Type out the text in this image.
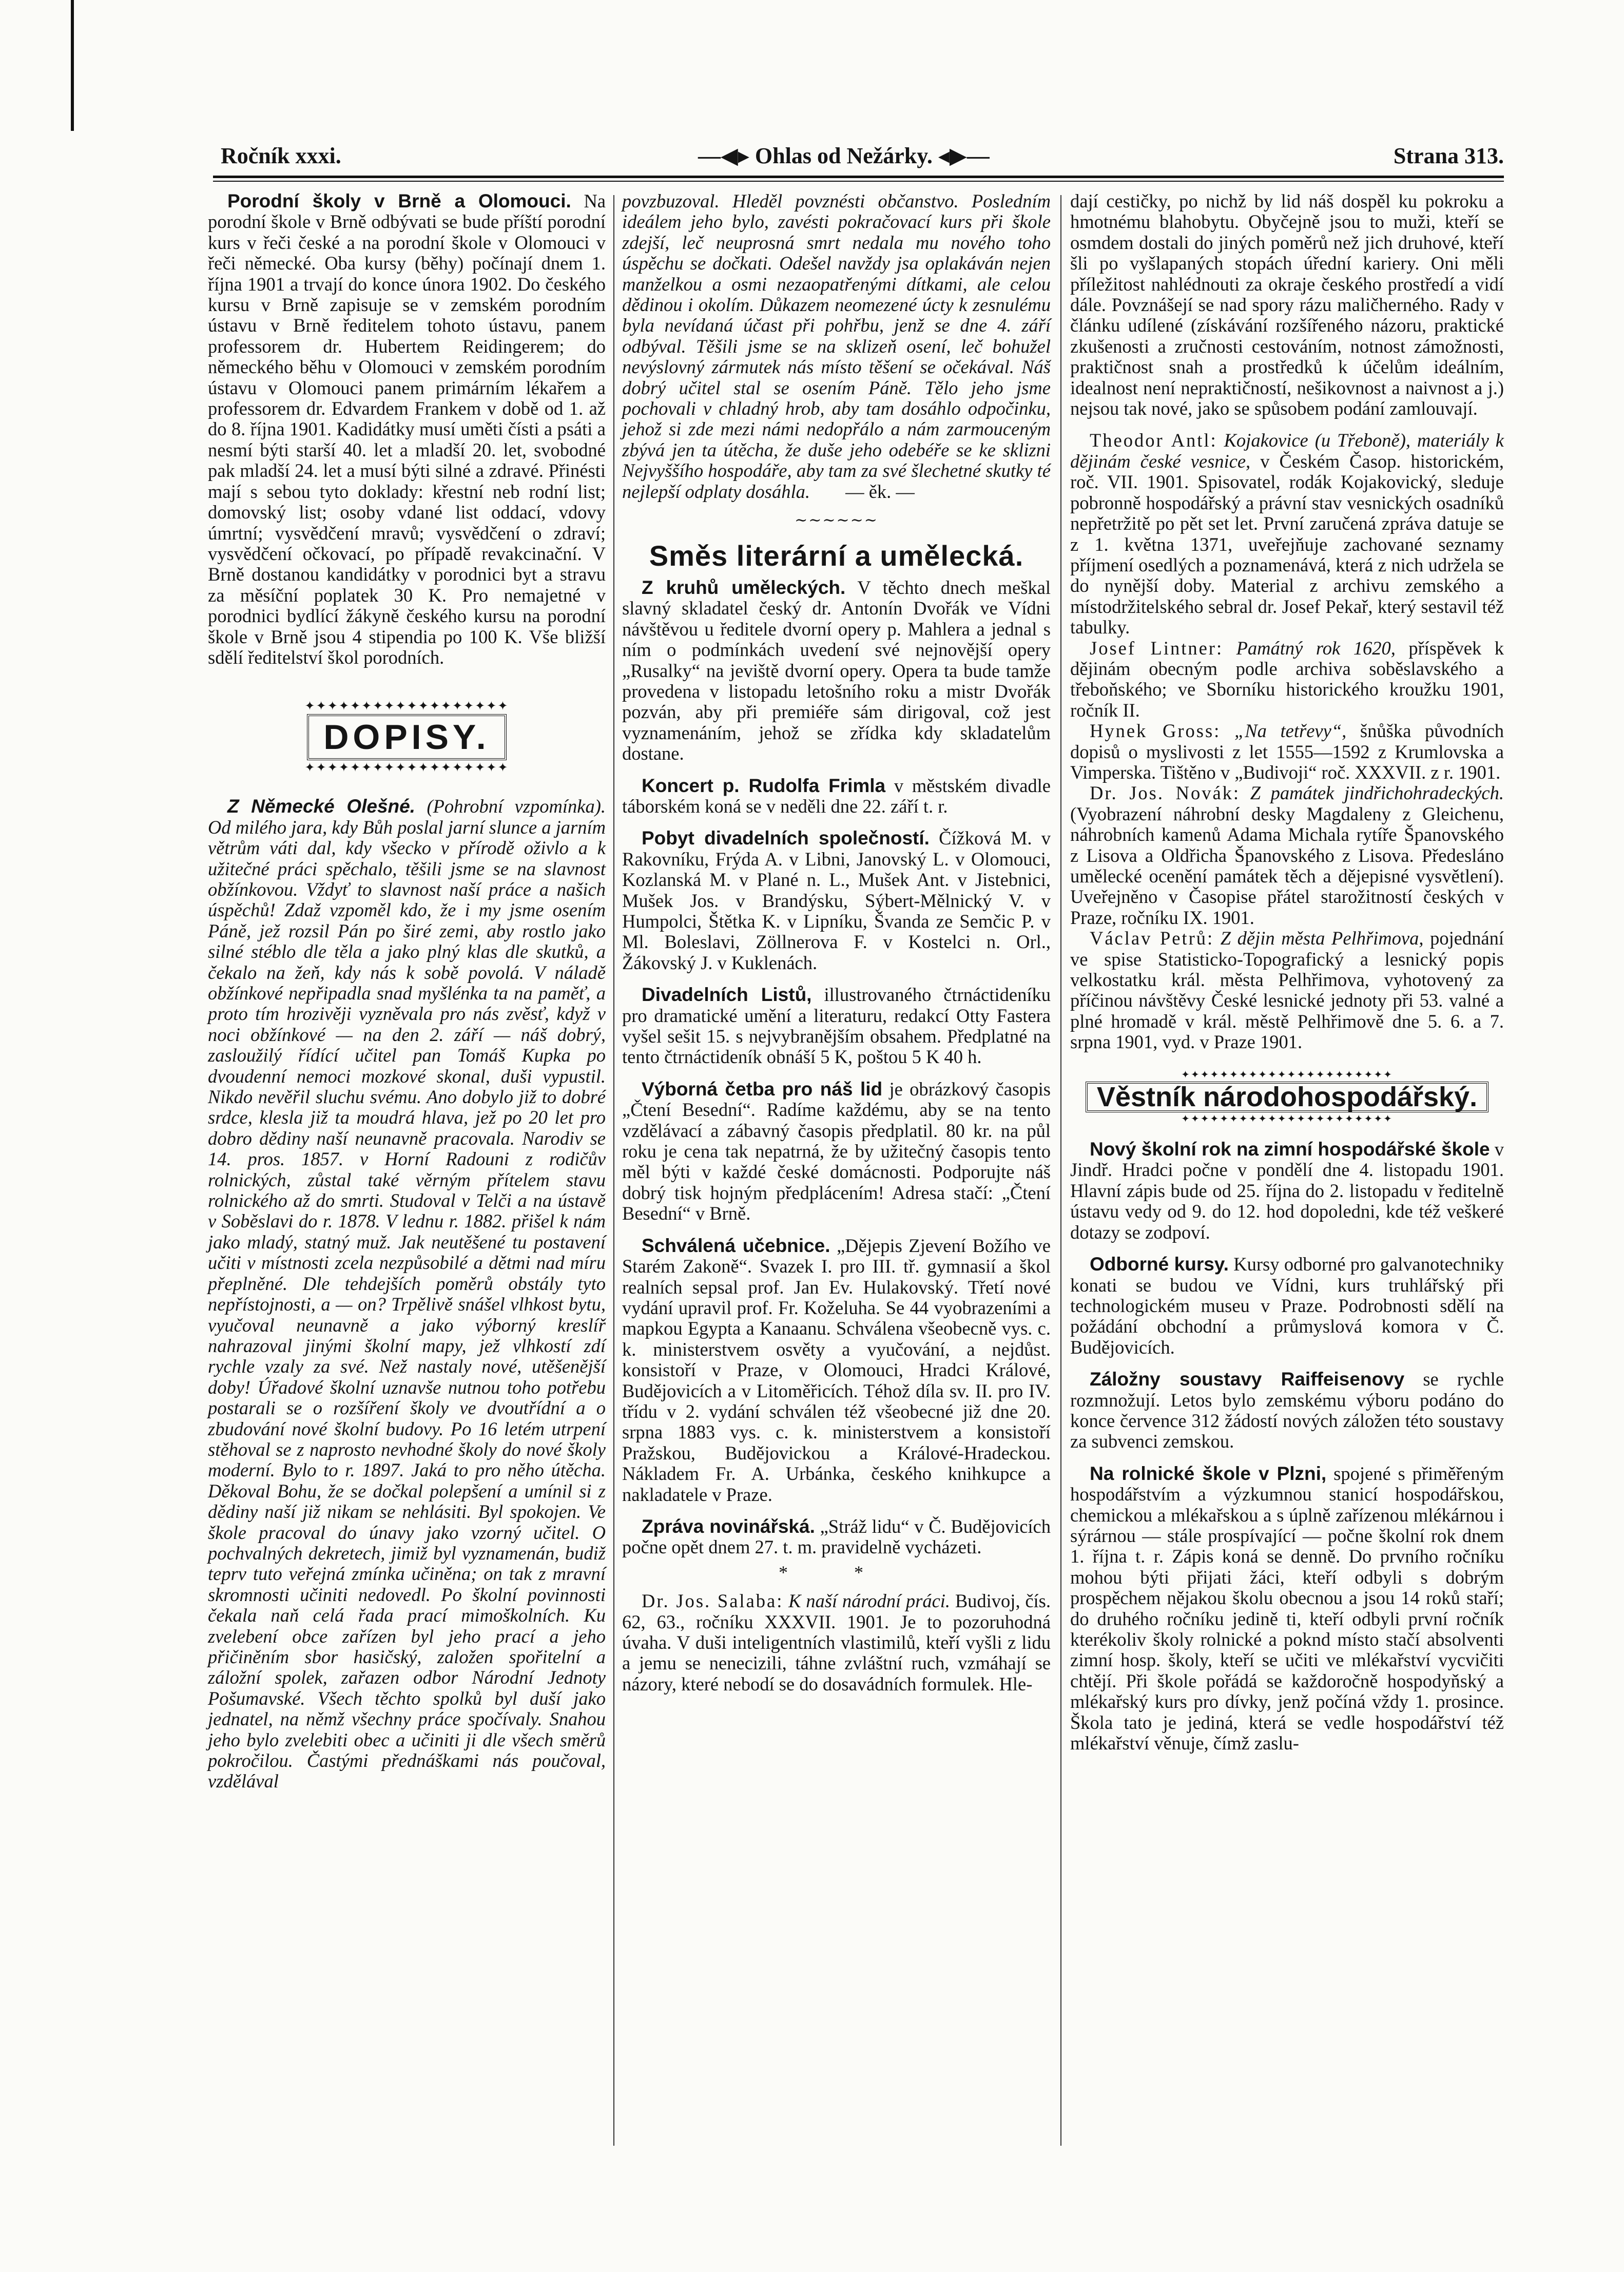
Ročník xxxi.	—◀▸ Ohlas od Nežárky. ◂▶—	Strana 313.

Porodní školy v Brně a Olomouci. Na porodní škole v Brně odbývati se bude příští porodní kurs v řeči české a na porodní škole v Olomouci v řeči německé. Oba kursy (běhy) počínají dnem 1. října 1901 a trvají do konce února 1902. Do českého kursu v Brně zapisuje se v zemském porodním ústavu v Brně ředitelem tohoto ústavu, panem professorem dr. Hubertem Reidingerem; do německého běhu v Olomouci v zemském porodním ústavu v Olomouci panem primárním lékařem a professorem dr. Edvardem Frankem v době od 1. až do 8. října 1901. Kadidátky musí uměti čísti a psáti a nesmí býti starší 40. let a mladší 20. let, svobodné pak mladší 24. let a musí býti silné a zdravé. Přinésti mají s sebou tyto doklady: křestní neb rodní list; domovský list; osoby vdané list oddací, vdovy úmrtní; vysvědčení mravů; vysvědčení o zdraví; vysvědčení očkovací, po případě revakcinační. V Brně dostanou kandidátky v porodnici byt a stravu za měsíční poplatek 30 K. Pro nemajetné v porodnici bydlící žákyně českého kursu na porodní škole v Brně jsou 4 stipendia po 100 K. Vše bližší sdělí ředitelství škol porodních.

✦✦✦✦✦✦✦✦✦✦✦✦✦✦✦✦✦✦
DOPISY.
✦✦✦✦✦✦✦✦✦✦✦✦✦✦✦✦✦✦

Z Německé Olešné. (Pohrobní vzpomínka). Od milého jara, kdy Bůh poslal jarní slunce a jarním větrům váti dal, kdy všecko v přírodě oživlo a k užitečné práci spěchalo, těšili jsme se na slavnost obžínkovou. Vždyť to slavnost naší práce a našich úspěchů! Zdaž vzpoměl kdo, že i my jsme osením Páně, jež rozsil Pán po širé zemi, aby rostlo jako silné stéblo dle těla a jako plný klas dle skutků, a čekalo na žeň, kdy nás k sobě povolá. V náladě obžínkové nepřipadla snad myšlénka ta na paměť, a proto tím hrozivěji vyzněvala pro nás zvěsť, když v noci obžínkové — na den 2. září — náš dobrý, zasloužilý řídící učitel pan Tomáš Kupka po dvoudenní nemoci mozkové skonal, duši vypustil. Nikdo nevěřil sluchu svému. Ano dobylo již to dobré srdce, klesla již ta moudrá hlava, jež po 20 let pro dobro dědiny naší neunavně pracovala. Narodiv se 14. pros. 1857. v Horní Radouni z rodičův rolnických, zůstal také věrným přítelem stavu rolnického až do smrti. Studoval v Telči a na ústavě v Soběslavi do r. 1878. V lednu r. 1882. přišel k nám jako mladý, statný muž. Jak neutěšené tu postavení učiti v místnosti zcela nezpůsobilé a dětmi nad míru přeplněné. Dle tehdejších poměrů obstály tyto nepřístojnosti, a — on? Trpělivě snášel vlhkost bytu, vyučoval neunavně a jako výborný kreslíř nahrazoval jinými školní mapy, jež vlhkostí zdí rychle vzaly za své. Než nastaly nové, utěšenější doby! Úřadové školní uznavše nutnou toho potřebu postarali se o rozšíření školy ve dvoutřídní a o zbudování nové školní budovy. Po 16 letém utrpení stěhoval se z naprosto nevhodné školy do nové školy moderní. Bylo to r. 1897. Jaká to pro něho útěcha. Děkoval Bohu, že se dočkal polepšení a umínil si z dědiny naší již nikam se nehlásiti. Byl spokojen. Ve škole pracoval do únavy jako vzorný učitel. O pochvalných dekretech, jimiž byl vyznamenán, budiž teprv tuto veřejná zmínka učiněna; on tak z mravní skromnosti učiniti nedovedl. Po školní povinnosti čekala naň celá řada prací mimoškolních. Ku zvelebení obce zařízen byl jeho prací a jeho přičiněním sbor hasičský, založen spořitelní a záložní spolek, zařazen odbor Národní Jednoty Pošumavské. Všech těchto spolků byl duší jako jednatel, na němž všechny práce spočívaly. Snahou jeho bylo zvelebiti obec a učiniti ji dle všech směrů pokročilou. Častými přednáškami nás poučoval, vzdělával

povzbuzoval. Hleděl povznésti občanstvo. Posledním ideálem jeho bylo, zavésti pokračovací kurs při škole zdejší, leč neuprosná smrt nedala mu nového toho úspěchu se dočkati. Odešel navždy jsa oplakáván nejen manželkou a osmi nezaopatřenými dítkami, ale celou dědinou i okolím. Důkazem neomezené úcty k zesnulému byla nevídaná účast při pohřbu, jenž se dne 4. září odbýval. Těšili jsme se na sklizeň osení, leč bohužel nevýslovný zármutek nás místo těšení se očekával. Náš dobrý učitel stal se osením Páně. Tělo jeho jsme pochovali v chladný hrob, aby tam dosáhlo odpočinku, jehož si zde mezi námi nedopřálo a nám zarmouceným zbývá jen ta útěcha, že duše jeho odebéře se ke sklizni Nejvyššího hospodáře, aby tam za své šlechetné skutky té nejlepší odplaty dosáhla. — ěk. —

∼∼∼∼∼∼
Směs literární a umělecká.

Z kruhů uměleckých. V těchto dnech meškal slavný skladatel český dr. Antonín Dvořák ve Vídni návštěvou u ředitele dvorní opery p. Mahlera a jednal s ním o podmínkách uvedení své nejnovější opery „Rusalky“ na jeviště dvorní opery. Opera ta bude tamže provedena v listopadu letošního roku a mistr Dvořák pozván, aby při premiéře sám dirigoval, což jest vyznamenáním, jehož se zřídka kdy skladatelům dostane.

Koncert p. Rudolfa Frimla v městském divadle táborském koná se v neděli dne 22. září t. r.

Pobyt divadelních společností. Čížková M. v Rakovníku, Frýda A. v Libni, Janovský L. v Olomouci, Kozlanská M. v Plané n. L., Mušek Ant. v Jistebnici, Mušek Jos. v Brandýsku, Sýbert-Mělnický V. v Humpolci, Štětka K. v Lipníku, Švanda ze Semčic P. v Ml. Boleslavi, Zöllnerova F. v Kostelci n. Orl., Žákovský J. v Kuklenách.

Divadelních Listů, illustrovaného čtrnáctideníku pro dramatické umění a literaturu, redakcí Otty Fastera vyšel sešit 15. s nejvybranějším obsahem. Předplatné na tento čtrnáctideník obnáší 5 K, poštou 5 K 40 h.

Výborná četba pro náš lid je obrázkový časopis „Čtení Besední“. Radíme každému, aby se na tento vzdělávací a zábavný časopis předplatil. 80 kr. na půl roku je cena tak nepatrná, že by užitečný časopis tento měl býti v každé české domácnosti. Podporujte náš dobrý tisk hojným předplácením! Adresa stačí: „Čtení Besední“ v Brně.

Schválená učebnice. „Dějepis Zjevení Božího ve Starém Zakoně“. Svazek I. pro III. tř. gymnasií a škol realních sepsal prof. Jan Ev. Hulakovský. Třetí nové vydání upravil prof. Fr. Koželuha. Se 44 vyobrazeními a mapkou Egypta a Kanaanu. Schválena všeobecně vys. c. k. ministerstvem osvěty a vyučování, a nejdůst. konsistoří v Praze, v Olomouci, Hradci Králové, Budějovicích a v Litoměřicích. Téhož díla sv. II. pro IV. třídu v 2. vydání schválen též všeobecné již dne 20. srpna 1883 vys. c. k. ministerstvem a konsistoří Pražskou, Budějovickou a Králové-Hradeckou. Nákladem Fr. A. Urbánka, českého knihkupce a nakladatele v Praze.

Zpráva novinářská. „Stráž lidu“ v Č. Budějovicích počne opět dnem 27. t. m. pravidelně vycházeti.

* *

Dr. Jos. Salaba: K naší národní práci. Budivoj, čís. 62, 63., ročníku XXXVII. 1901. Je to pozoruhodná úvaha. V duši inteligentních vlastimilů, kteří vyšli z lidu a jemu se nenecizili, táhne zvláštní ruch, vzmáhají se názory, které nebodí se do dosavádních formulek. Hle-

dají cestičky, po nichž by lid náš dospěl ku pokroku a hmotnému blahobytu. Obyčejně jsou to muži, kteří se osmdem dostali do jiných poměrů než jich druhové, kteří šli po vyšlapaných stopách úřední kariery. Oni měli příležitost nahlédnouti za okraje českého prostředí a vidí dále. Povznášejí se nad spory rázu maličherného. Rady v článku udílené (získávání rozšířeného názoru, praktické zkušenosti a zručnosti cestováním, notnost zámožnosti, praktičnost snah a prostředků k účelům ideálním, idealnost není nepraktičností, nešikovnost a naivnost a j.) nejsou tak nové, jako se spůsobem podání zamlouvají.

Theodor Antl: Kojakovice (u Třeboně), materiály k dějinám české vesnice, v Českém Časop. historickém, roč. VII. 1901. Spisovatel, rodák Kojakovický, sleduje pobronně hospodářský a právní stav vesnických osadníků nepřetržitě po pět set let. První zaručená zpráva datuje se z 1. května 1371, uveřejňuje zachované seznamy příjmení osedlých a poznamenává, která z nich udržela se do nynější doby. Material z archivu zemského a místodržitelského sebral dr. Josef Pekař, který sestavil též tabulky.

Josef Lintner: Památný rok 1620, příspěvek k dějinám obecným podle archiva soběslavského a třeboňského; ve Sborníku historického kroužku 1901, ročník II.

Hynek Gross: „Na tetřevy“, šnůška původních dopisů o myslivosti z let 1555—1592 z Krumlovska a Vimperska. Tištěno v „Budivoji“ roč. XXXVII. z r. 1901.

Dr. Jos. Novák: Z památek jindřichohradeckých. (Vyobrazení náhrobní desky Magdaleny z Gleichenu, náhrobních kamenů Adama Michala rytíře Španovského z Lisova a Oldřicha Španovského z Lisova. Předesláno umělecké ocenění památek těch a dějepisné vysvětlení). Uveřejněno v Časopise přátel starožitností českých v Praze, ročníku IX. 1901.

Václav Petrů: Z dějin města Pelhřimova, pojednání ve spise Statisticko-Topografický a lesnický popis velkostatku král. města Pelhřimova, vyhotovený za příčinou návštěvy České lesnické jednoty při 53. valné a plné hromadě v král. městě Pelhřimově dne 5. 6. a 7. srpna 1901, vyd. v Praze 1901.

✦✦✦✦✦✦✦✦✦✦✦✦✦✦✦✦✦✦✦✦✦✦
Věstník národohospodářský.
✦✦✦✦✦✦✦✦✦✦✦✦✦✦✦✦✦✦✦✦✦✦

Nový školní rok na zimní hospodářské škole v Jindř. Hradci počne v pondělí dne 4. listopadu 1901. Hlavní zápis bude od 25. října do 2. listopadu v ředitelně ústavu vedy od 9. do 12. hod dopoledni, kde též veškeré dotazy se zodpoví.

Odborné kursy. Kursy odborné pro galvanotechniky konati se budou ve Vídni, kurs truhlářský při technologickém museu v Praze. Podrobnosti sdělí na požádání obchodní a průmyslová komora v Č. Budějovicích.

Záložny soustavy Raiffeisenovy se rychle rozmnožují. Letos bylo zemskému výboru podáno do konce července 312 žádostí nových záložen této soustavy za subvenci zemskou.

Na rolnické škole v Plzni, spojené s přiměřeným hospodářstvím a výzkumnou stanicí hospodářskou, chemickou a mlékařskou a s úplně zařízenou mlékárnou i sýrárnou — stále prospívající — počne školní rok dnem 1. října t. r. Zápis koná se denně. Do prvního ročníku mohou býti přijati žáci, kteří odbyli s dobrým prospěchem nějakou školu obecnou a jsou 14 roků staří; do druhého ročníku jedině ti, kteří odbyli první ročník kterékoliv školy rolnické a poknd místo stačí absolventi zimní hosp. školy, kteří se učiti ve mlékařství vycvičiti chtějí. Při škole pořádá se každoročně hospodyňský a mlékařský kurs pro dívky, jenž počíná vždy 1. prosince. Škola tato je jediná, která se vedle hospodářství též mlékařství věnuje, čímž zaslu-
